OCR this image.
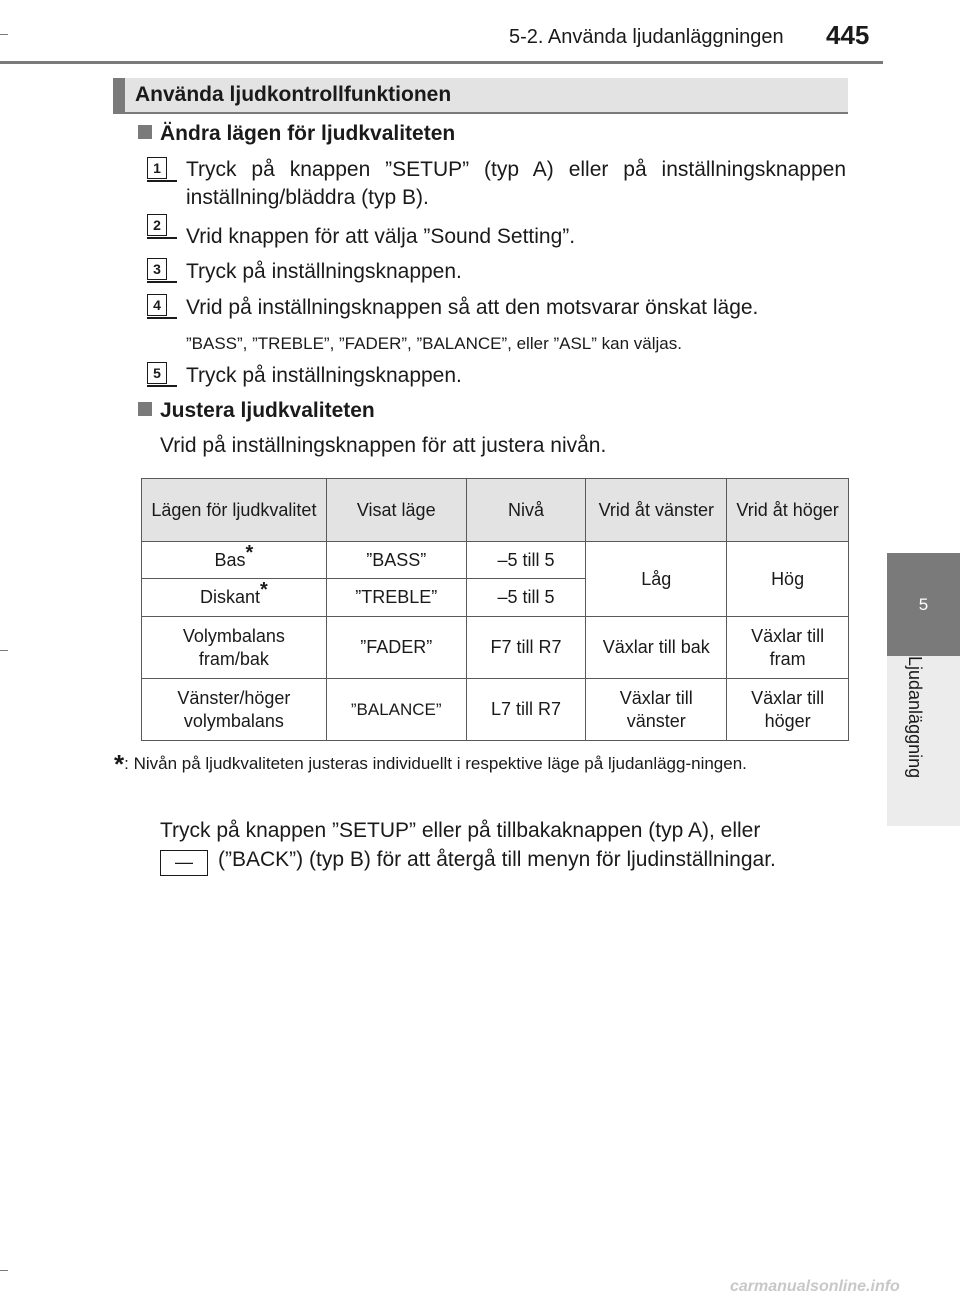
5-2. Använda ljudanläggningen 445
5
Ljudanläggning
Använda ljudkontrollfunktionen
Ändra lägen för ljudkvaliteten
1 Tryck på knappen ”SETUP” (typ A) eller på inställningsknappen inställning/bläddra (typ B).
2 Vrid knappen för att välja ”Sound Setting”.
3 Tryck på inställningsknappen.
4 Vrid på inställningsknappen så att den motsvarar önskat läge.
”BASS”, ”TREBLE”, ”FADER”, ”BALANCE”, eller ”ASL” kan väljas.
5 Tryck på inställningsknappen.
Justera ljudkvaliteten
Vrid på inställningsknappen för att justera nivån.
Lägen för ljudkvalitet	Visat läge	Nivå	Vrid åt vänster	Vrid åt höger
Bas*	”BASS”	–5 till 5	Låg	Hög
Diskant*	”TREBLE”	–5 till 5		
Volymbalans fram/bak	”FADER”	F7 till R7	Växlar till bak	Växlar till fram
Vänster/höger volymbalans	”BALANCE”	L7 till R7	Växlar till vänster	Växlar till höger
*: Nivån på ljudkvaliteten justeras individuellt i respektive läge på ljudanlägg-ningen.
Tryck på knappen ”SETUP” eller på tillbakaknappen (typ A), eller
—	(”BACK”) (typ B) för att återgå till menyn för ljudinställningar.
carmanualsonline.info
